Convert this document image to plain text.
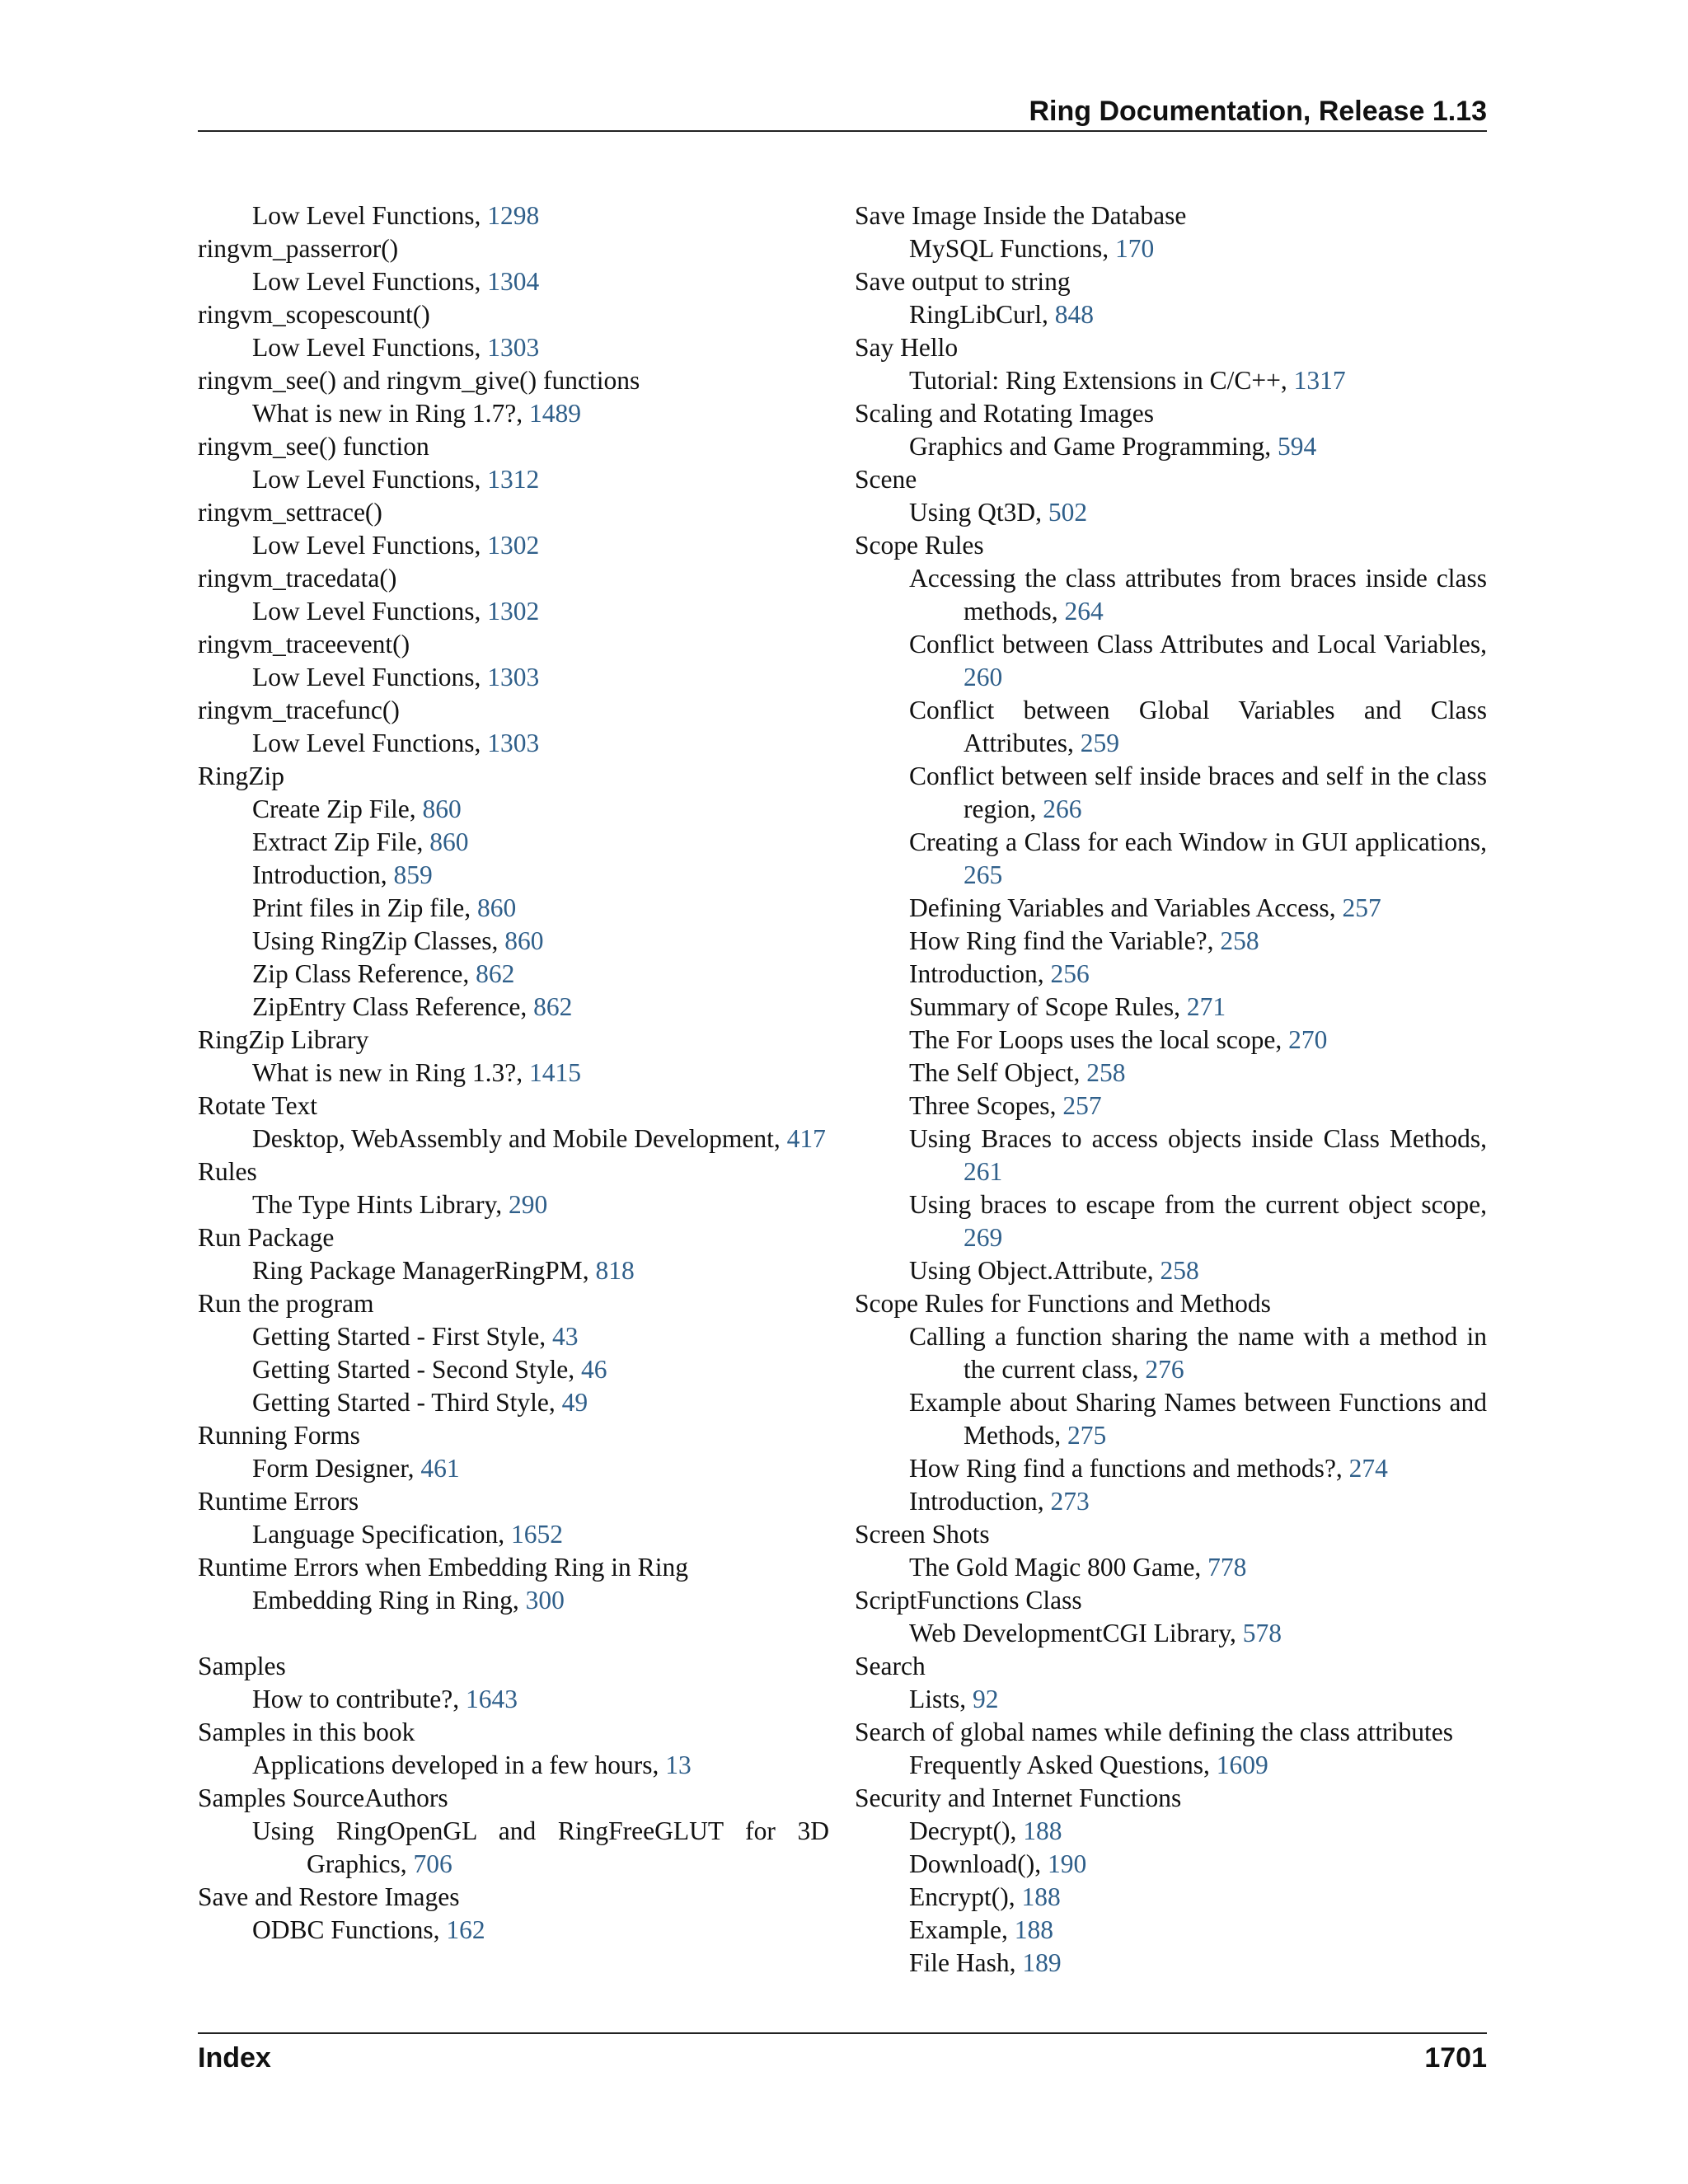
Ring Documentation, Release 1.13
Low Level Functions, 1298
ringvm_passerror()
Low Level Functions, 1304
ringvm_scopescount()
Low Level Functions, 1303
ringvm_see() and ringvm_give() functions
What is new in Ring 1.7?, 1489
ringvm_see() function
Low Level Functions, 1312
ringvm_settrace()
Low Level Functions, 1302
ringvm_tracedata()
Low Level Functions, 1302
ringvm_traceevent()
Low Level Functions, 1303
ringvm_tracefunc()
Low Level Functions, 1303
RingZip
Create Zip File, 860
Extract Zip File, 860
Introduction, 859
Print files in Zip file, 860
Using RingZip Classes, 860
Zip Class Reference, 862
ZipEntry Class Reference, 862
RingZip Library
What is new in Ring 1.3?, 1415
Rotate Text
Desktop, WebAssembly and Mobile Development, 417
Rules
The Type Hints Library, 290
Run Package
Ring Package ManagerRingPM, 818
Run the program
Getting Started - First Style, 43
Getting Started - Second Style, 46
Getting Started - Third Style, 49
Running Forms
Form Designer, 461
Runtime Errors
Language Specification, 1652
Runtime Errors when Embedding Ring in Ring
Embedding Ring in Ring, 300
Samples
How to contribute?, 1643
Samples in this book
Applications developed in a few hours, 13
Samples SourceAuthors
Using RingOpenGL and RingFreeGLUT for 3D Graphics, 706
Save and Restore Images
ODBC Functions, 162
Save Image Inside the Database
MySQL Functions, 170
Save output to string
RingLibCurl, 848
Say Hello
Tutorial: Ring Extensions in C/C++, 1317
Scaling and Rotating Images
Graphics and Game Programming, 594
Scene
Using Qt3D, 502
Scope Rules
Accessing the class attributes from braces inside class methods, 264
Conflict between Class Attributes and Local Variables, 260
Conflict between Global Variables and Class Attributes, 259
Conflict between self inside braces and self in the class region, 266
Creating a Class for each Window in GUI applications, 265
Defining Variables and Variables Access, 257
How Ring find the Variable?, 258
Introduction, 256
Summary of Scope Rules, 271
The For Loops uses the local scope, 270
The Self Object, 258
Three Scopes, 257
Using Braces to access objects inside Class Methods, 261
Using braces to escape from the current object scope, 269
Using Object.Attribute, 258
Scope Rules for Functions and Methods
Calling a function sharing the name with a method in the current class, 276
Example about Sharing Names between Functions and Methods, 275
How Ring find a functions and methods?, 274
Introduction, 273
Screen Shots
The Gold Magic 800 Game, 778
ScriptFunctions Class
Web DevelopmentCGI Library, 578
Search
Lists, 92
Search of global names while defining the class attributes
Frequently Asked Questions, 1609
Security and Internet Functions
Decrypt(), 188
Download(), 190
Encrypt(), 188
Example, 188
File Hash, 189
Index	1701
